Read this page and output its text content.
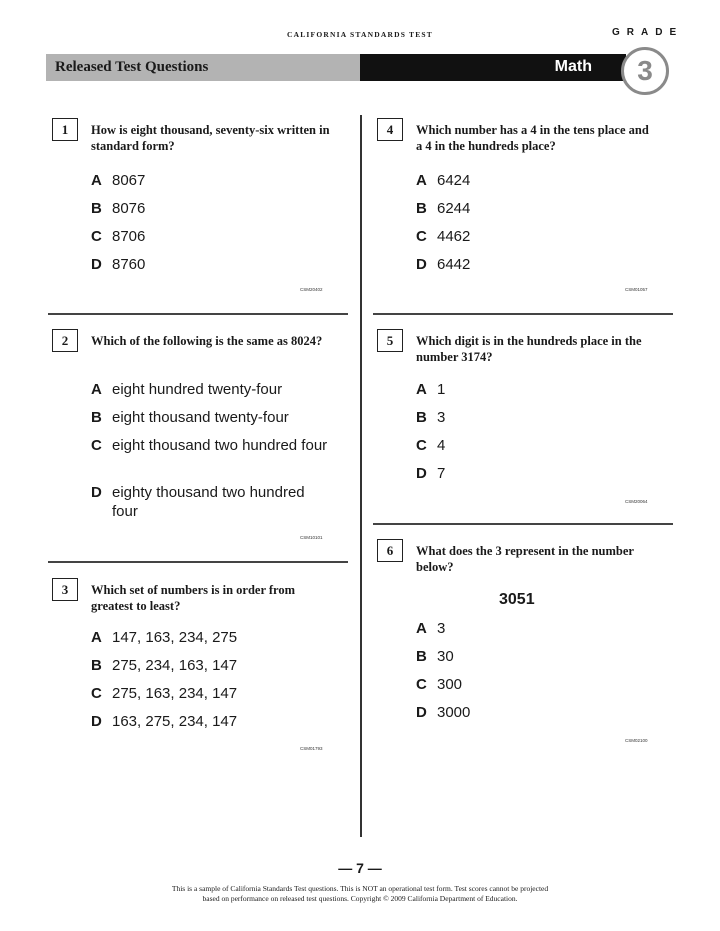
CALIFORNIA STANDARDS TEST	GRADE
Released Test Questions	Math	3
1	How is eight thousand, seventy-six written in standard form?
A 8067
B 8076
C 8706
D 8760
CSM20402
2	Which of the following is the same as 8024?
A eight hundred twenty-four
B eight thousand twenty-four
C eight thousand two hundred four
D eighty thousand two hundred four
CSM10101
3	Which set of numbers is in order from greatest to least?
A 147, 163, 234, 275
B 275, 234, 163, 147
C 275, 163, 234, 147
D 163, 275, 234, 147
CSM01793
4	Which number has a 4 in the tens place and a 4 in the hundreds place?
A 6424
B 6244
C 4462
D 6442
CSM01057
5	Which digit is in the hundreds place in the number 3174?
A 1
B 3
C 4
D 7
CSM20064
6	What does the 3 represent in the number below?
3051
A 3
B 30
C 300
D 3000
CSM02100
— 7 —
This is a sample of California Standards Test questions. This is NOT an operational test form. Test scores cannot be projected
based on performance on released test questions. Copyright © 2009 California Department of Education.
